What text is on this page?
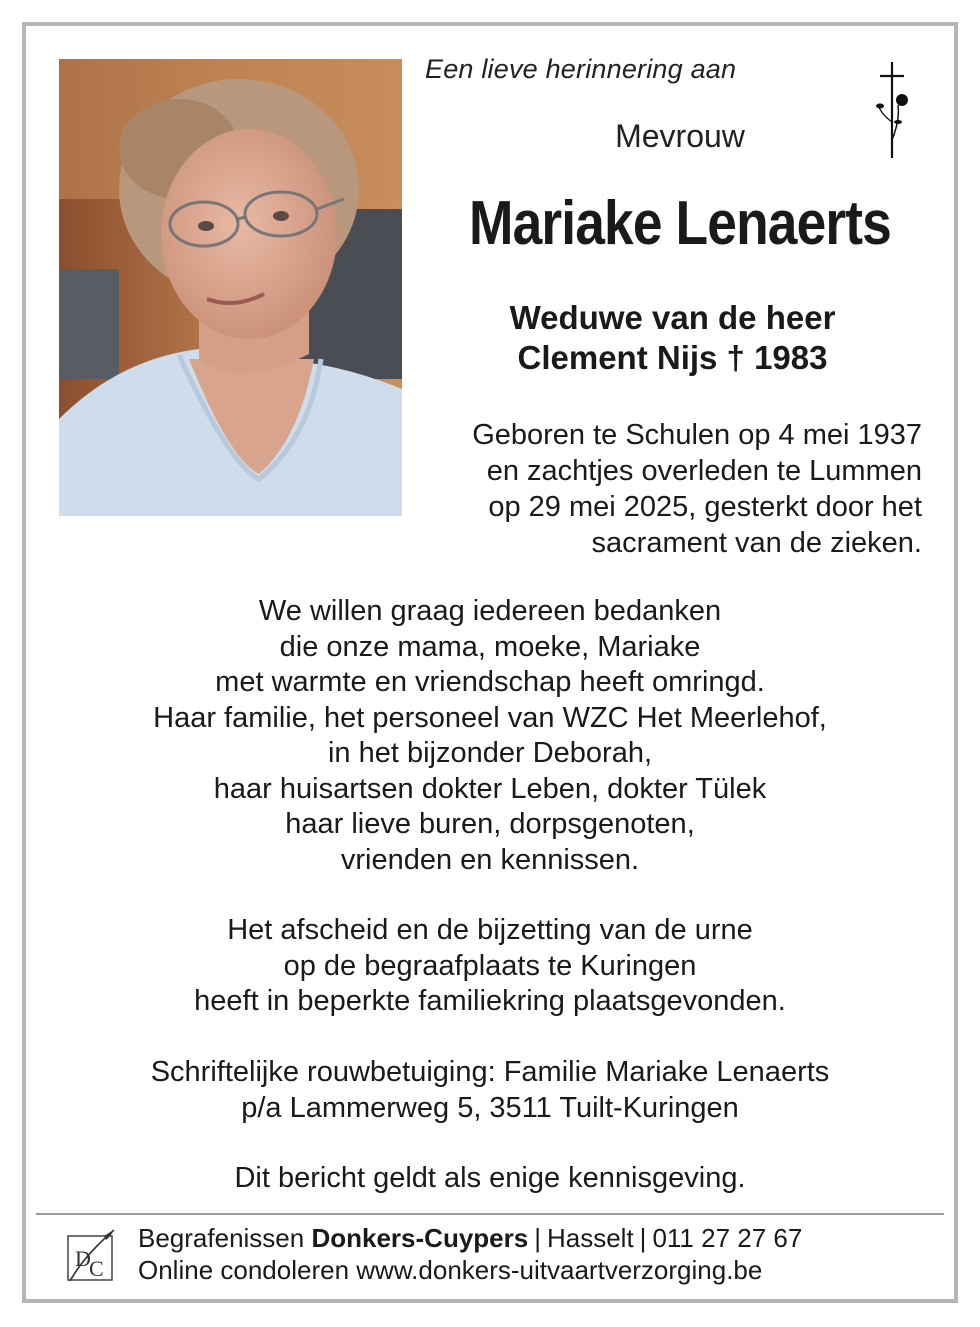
Een lieve herinnering aan
Mevrouw
Mariake Lenaerts
Weduwe van de heer
Clement Nijs † 1983
Geboren te Schulen op 4 mei 1937
en zachtjes overleden te Lummen
op 29 mei 2025, gesterkt door het
sacrament van de zieken.
We willen graag iedereen bedanken
die onze mama, moeke, Mariake
met warmte en vriendschap heeft omringd.
Haar familie, het personeel van WZC Het Meerlehof,
in het bijzonder Deborah,
haar huisartsen dokter Leben, dokter Tülek
haar lieve buren, dorpsgenoten,
vrienden en kennissen.
Het afscheid en de bijzetting van de urne
op de begraafplaats te Kuringen
heeft in beperkte familiekring plaatsgevonden.
Schriftelijke rouwbetuiging: Familie Mariake Lenaerts
p/a Lammerweg 5, 3511 Tuilt-Kuringen
Dit bericht geldt als enige kennisgeving.
D
C
Begrafenissen Donkers-Cuypers | Hasselt | 011 27 27 67
Online condoleren www.donkers-uitvaartverzorging.be
